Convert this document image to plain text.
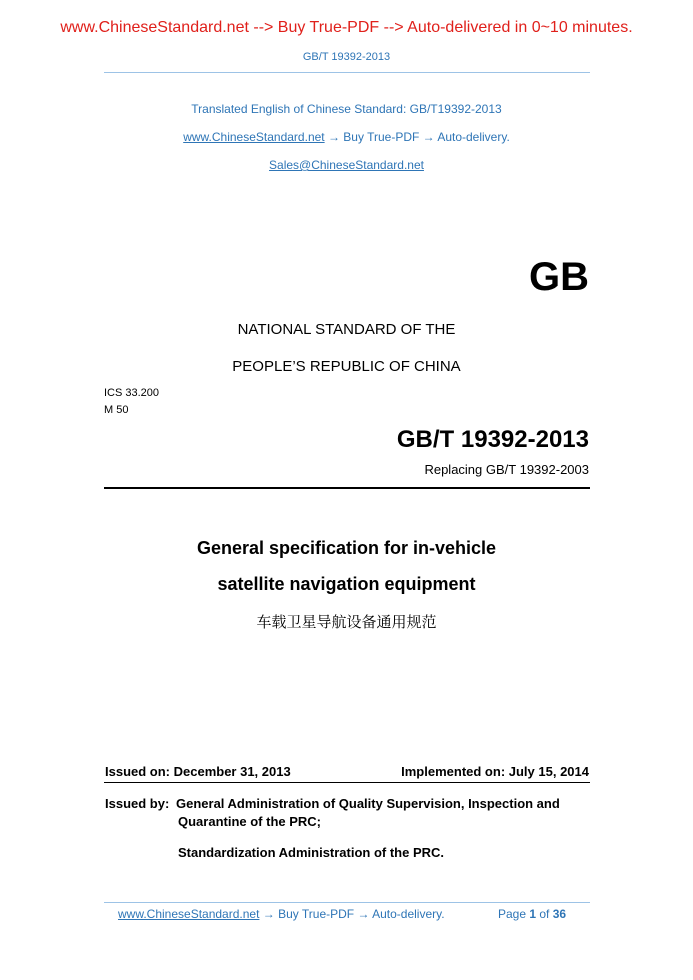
www.ChineseStandard.net --> Buy True-PDF --> Auto-delivered in 0~10 minutes.
GB/T 19392-2013
Translated English of Chinese Standard: GB/T19392-2013
www.ChineseStandard.net → Buy True-PDF → Auto-delivery.
Sales@ChineseStandard.net
GB
NATIONAL STANDARD OF THE
PEOPLE’S REPUBLIC OF CHINA
ICS 33.200
M 50
GB/T 19392-2013
Replacing GB/T 19392-2003
General specification for in-vehicle
satellite navigation equipment
车载卫星导航设备通用规范
Issued on: December 31, 2013	Implemented on: July 15, 2014
Issued by: General Administration of Quality Supervision, Inspection and
Quarantine of the PRC;
Standardization Administration of the PRC.
www.ChineseStandard.net → Buy True-PDF → Auto-delivery.	Page 1 of 36
